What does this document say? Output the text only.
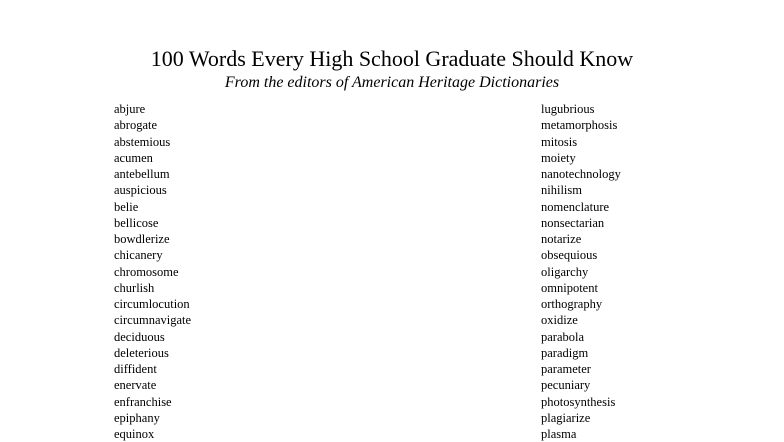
100 Words Every High School Graduate Should Know
From the editors of American Heritage Dictionaries
abjure
abrogate
abstemious
acumen
antebellum
auspicious
belie
bellicose
bowdlerize
chicanery
chromosome
churlish
circumlocution
circumnavigate
deciduous
deleterious
diffident
enervate
enfranchise
epiphany
equinox
lugubrious
metamorphosis
mitosis
moiety
nanotechnology
nihilism
nomenclature
nonsectarian
notarize
obsequious
oligarchy
omnipotent
orthography
oxidize
parabola
paradigm
parameter
pecuniary
photosynthesis
plagiarize
plasma
